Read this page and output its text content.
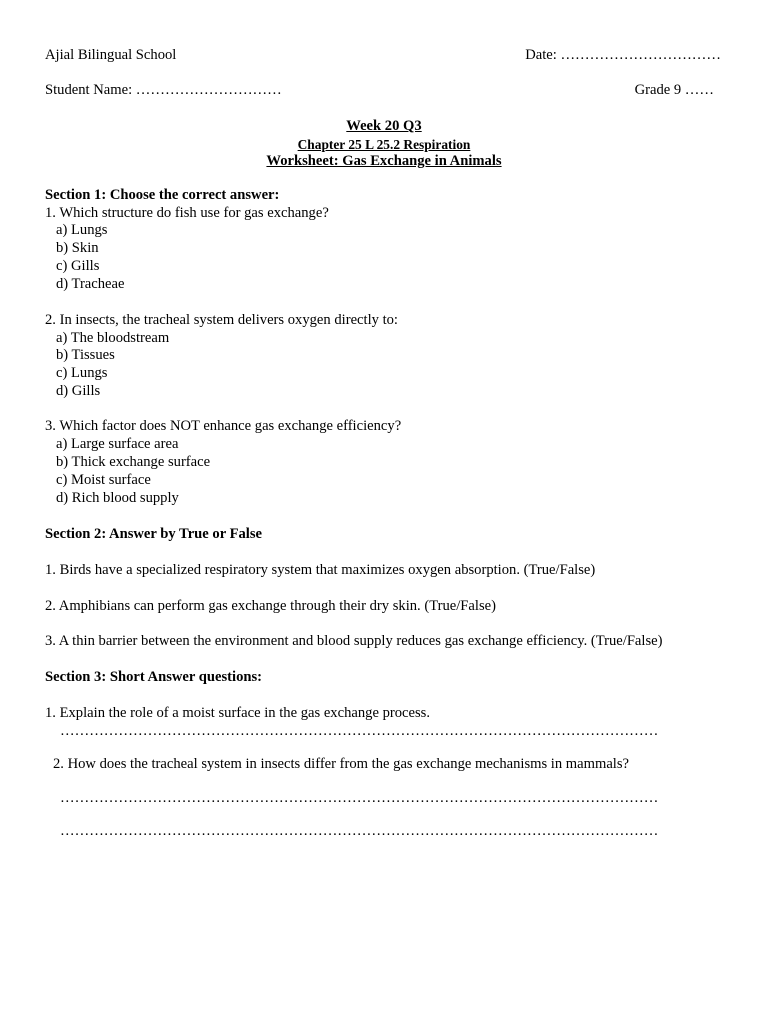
Ajial Bilingual School	Date: ……………………………
Student Name: …………………………	Grade 9 ……
Week 20 Q3
Chapter 25 L 25.2 Respiration
Worksheet: Gas Exchange in Animals
Section 1: Choose the correct answer:
1. Which structure do fish use for gas exchange?
a) Lungs
b) Skin
c) Gills
d) Tracheae
2. In insects, the tracheal system delivers oxygen directly to:
a) The bloodstream
b) Tissues
c) Lungs
d) Gills
3. Which factor does NOT enhance gas exchange efficiency?
a) Large surface area
b) Thick exchange surface
c) Moist surface
d) Rich blood supply
Section 2: Answer by True or False
1. Birds have a specialized respiratory system that maximizes oxygen absorption. (True/False)
2. Amphibians can perform gas exchange through their dry skin. (True/False)
3. A thin barrier between the environment and blood supply reduces gas exchange efficiency. (True/False)
Section 3: Short Answer questions:
1. Explain the role of a moist surface in the gas exchange process.
……………………………………………………………………………………………………………
2. How does the tracheal system in insects differ from the gas exchange mechanisms in mammals?
……………………………………………………………………………………………………………
……………………………………………………………………………………………………………
